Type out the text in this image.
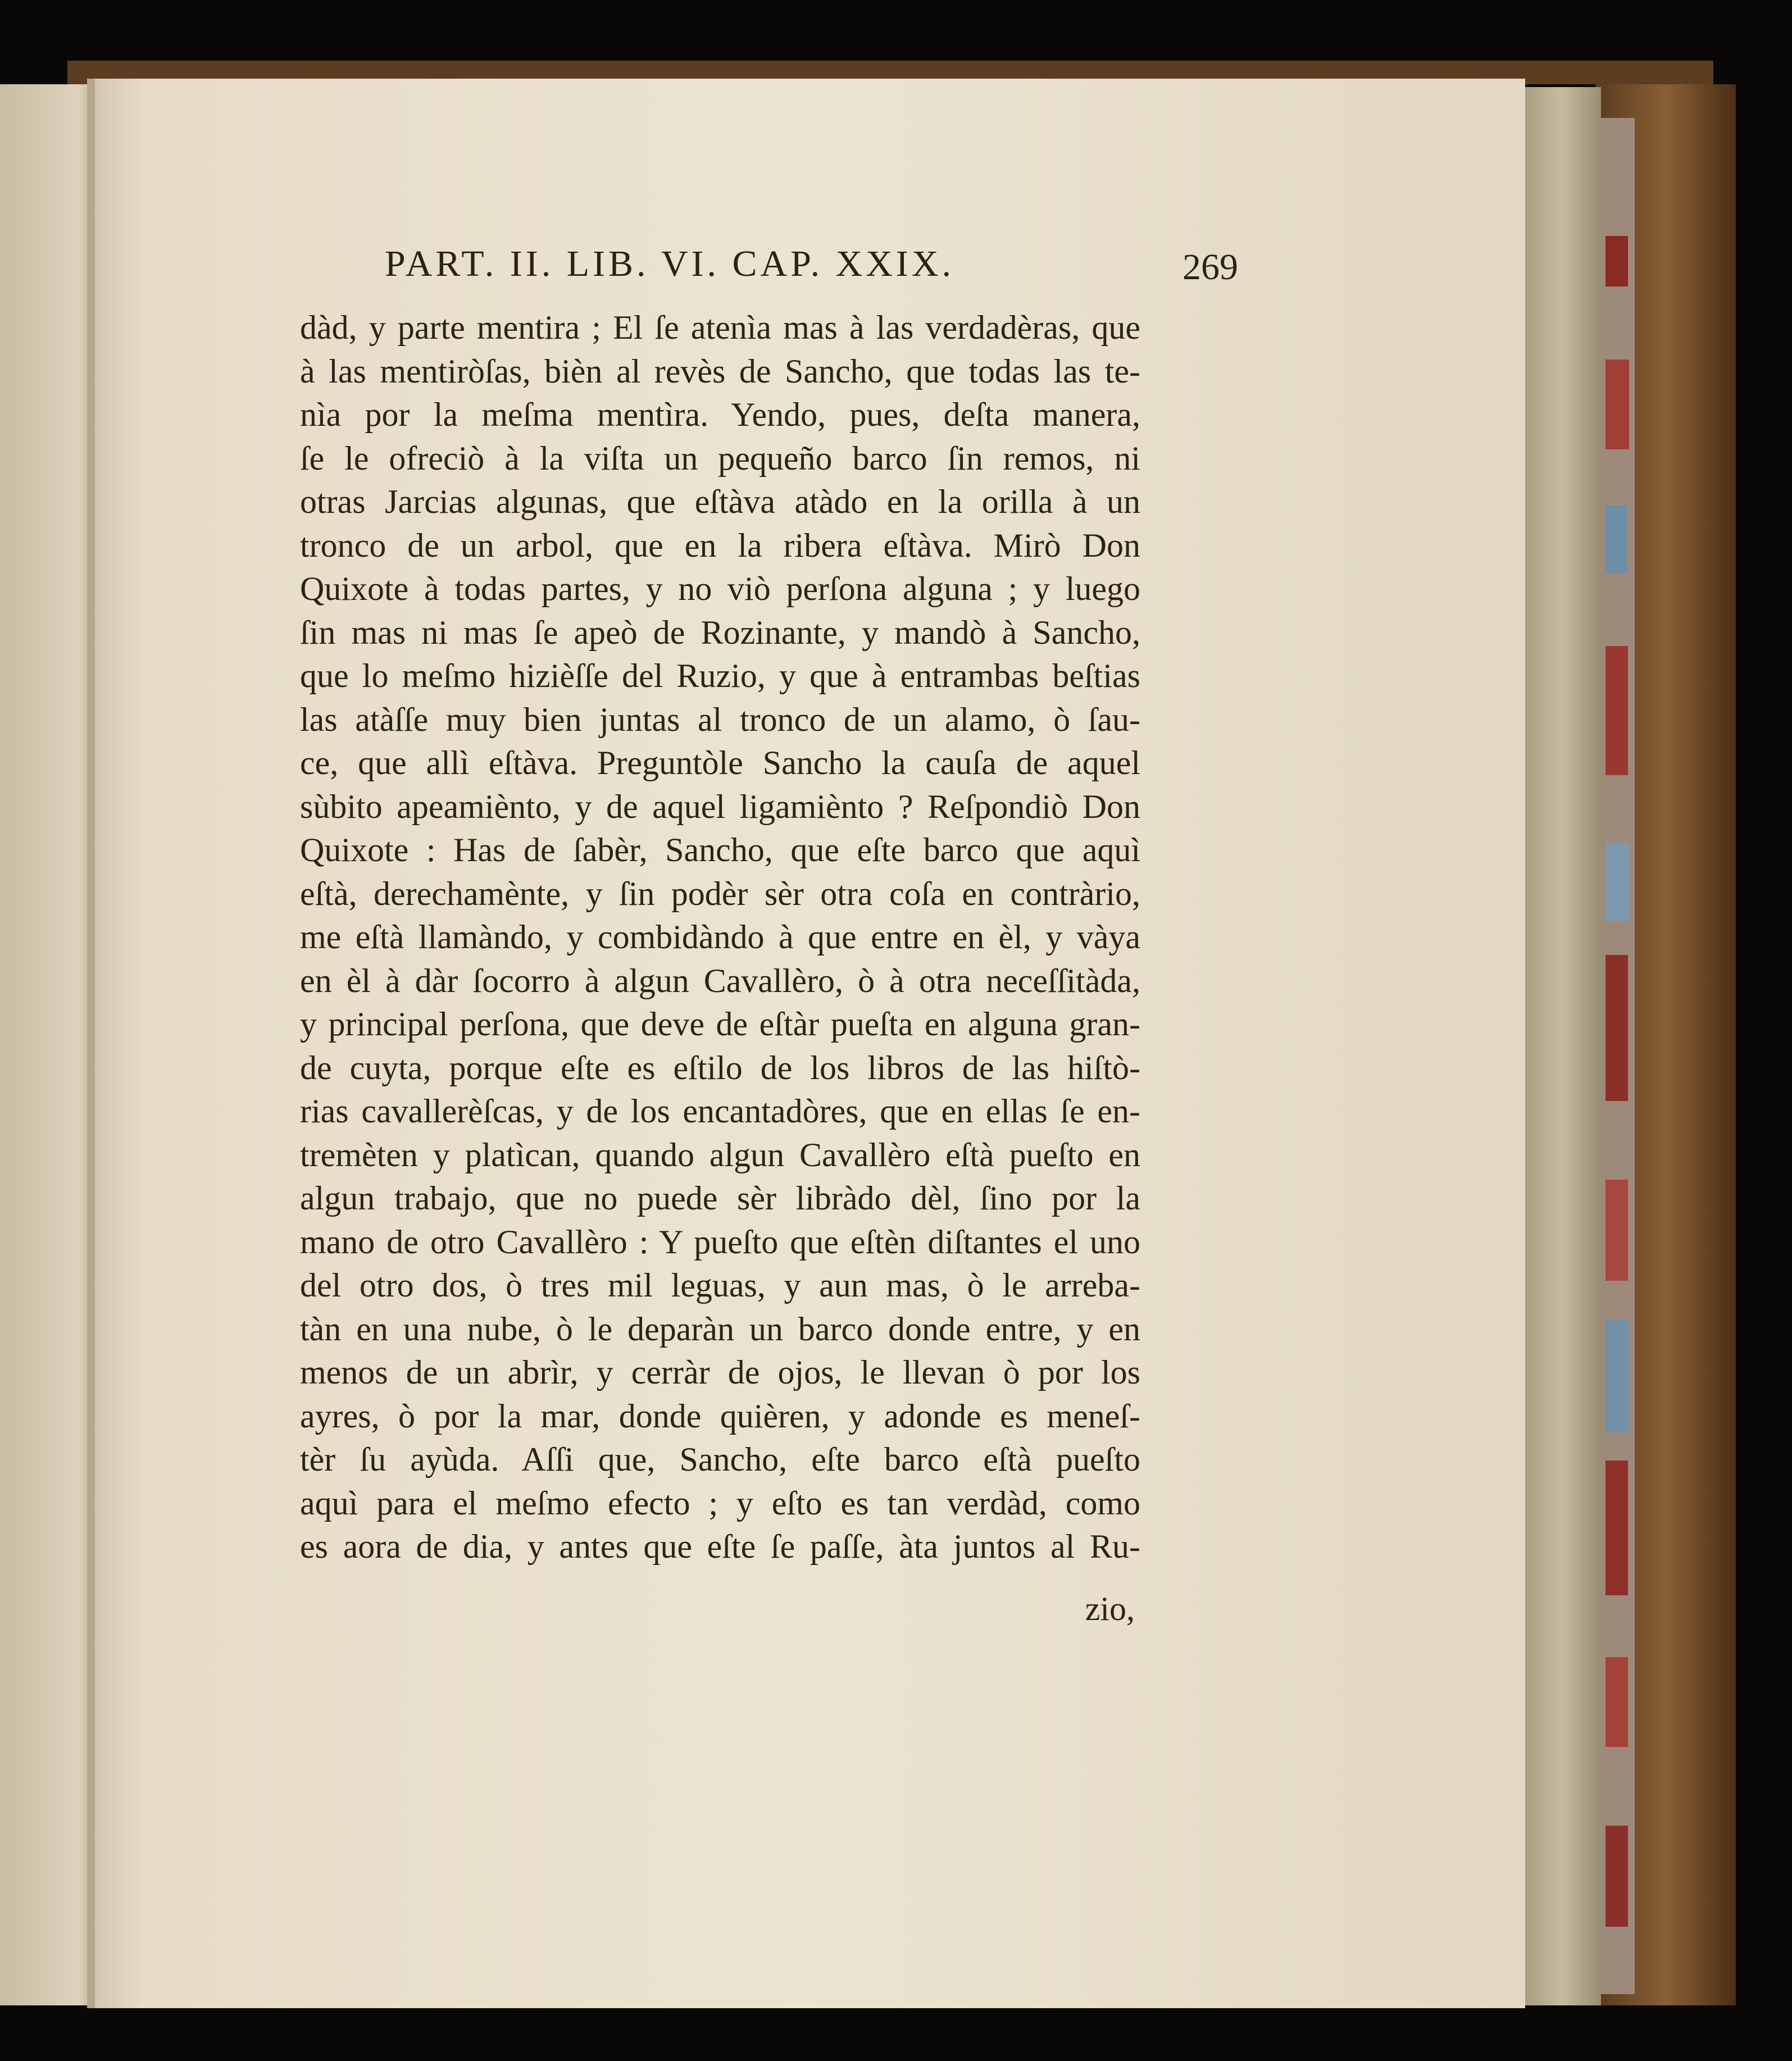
PART. II. LIB. VI. CAP. XXIX.	269
dàd, y parte mentira ; El ſe atenìa mas à las verdadèras, que
à las mentiròſas, bièn al revès de Sancho, que todas las te-
nìa por la meſma mentìra. Yendo, pues, deſta manera,
ſe le ofreciò à la viſta un pequeño barco ſin remos, ni
otras Jarcias algunas, que eſtàva atàdo en la orilla à un
tronco de un arbol, que en la ribera eſtàva. Mirò Don
Quixote à todas partes, y no viò perſona alguna ; y luego
ſin mas ni mas ſe apeò de Rozinante, y mandò à Sancho,
que lo meſmo hizièſſe del Ruzio, y que à entrambas beſtias
las atàſſe muy bien juntas al tronco de un alamo, ò ſau-
ce, que allì eſtàva. Preguntòle Sancho la cauſa de aquel
sùbito apeamiènto, y de aquel ligamiènto ? Reſpondiò Don
Quixote : Has de ſabèr, Sancho, que eſte barco que aquì
eſtà, derechamènte, y ſin podèr sèr otra coſa en contràrio,
me eſtà llamàndo, y combidàndo à que entre en èl, y vàya
en èl à dàr ſocorro à algun Cavallèro, ò à otra neceſſitàda,
y principal perſona, que deve de eſtàr pueſta en alguna gran-
de cuyta, porque eſte es eſtilo de los libros de las hiſtò-
rias cavallerèſcas, y de los encantadòres, que en ellas ſe en-
tremèten y platìcan, quando algun Cavallèro eſtà pueſto en
algun trabajo, que no puede sèr libràdo dèl, ſino por la
mano de otro Cavallèro : Y pueſto que eſtèn diſtantes el uno
del otro dos, ò tres mil leguas, y aun mas, ò le arreba-
tàn en una nube, ò le deparàn un barco donde entre, y en
menos de un abrìr, y cerràr de ojos, le llevan ò por los
ayres, ò por la mar, donde quièren, y adonde es meneſ-
tèr ſu ayùda. Aſſi que, Sancho, eſte barco eſtà pueſto
aquì para el meſmo efecto ; y eſto es tan verdàd, como
es aora de dia, y antes que eſte ſe paſſe, àta juntos al Ru-
zio,
